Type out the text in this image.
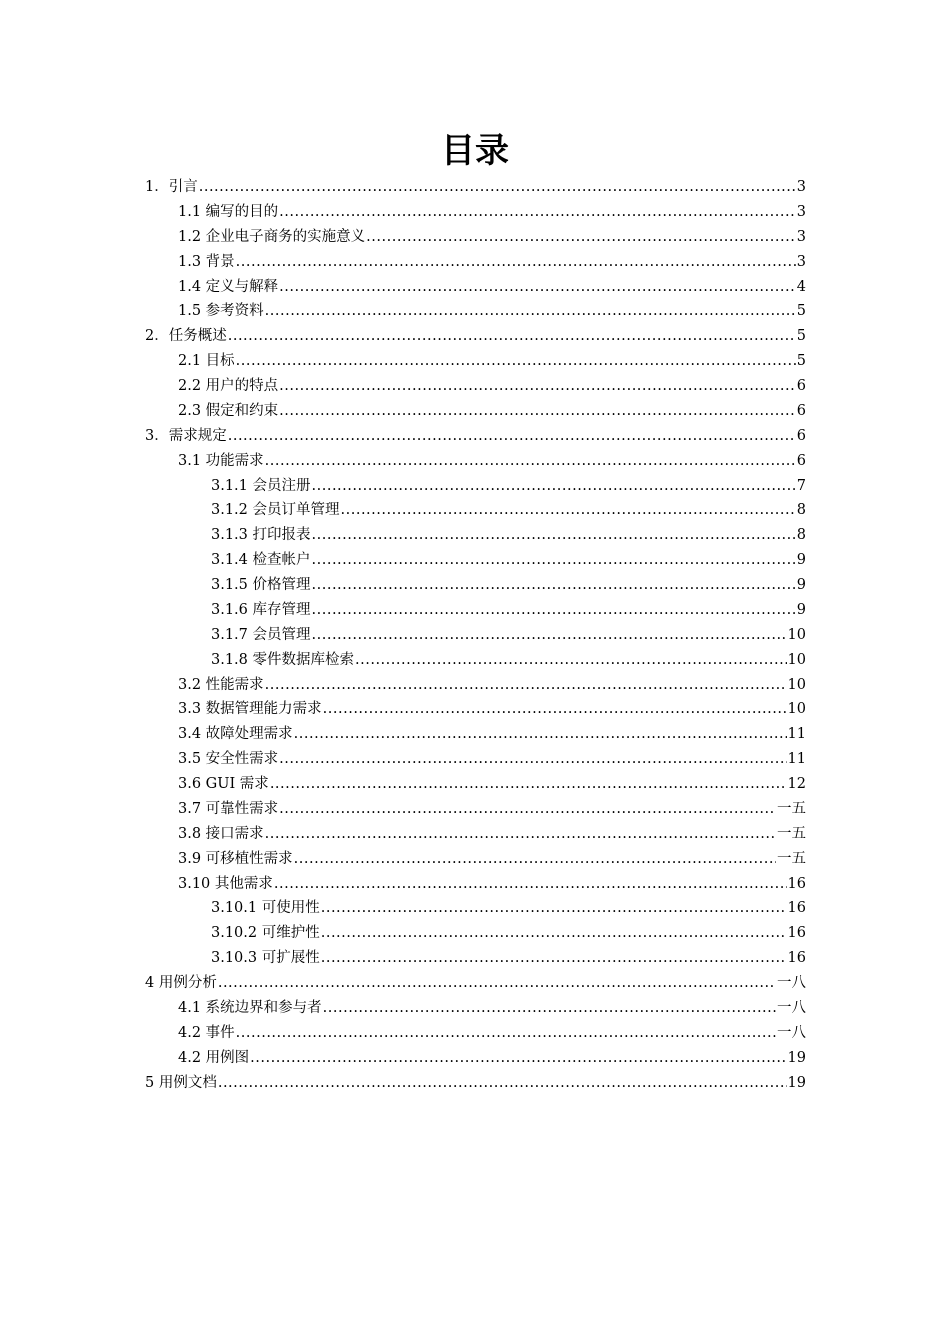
目录
1．引言 .....	3
1.1 编写的目的 .....	3
1.2 企业电子商务的实施意义 .....	3
1.3 背景 .....	3
1.4 定义与解释 .....	4
1.5 参考资料 .....	5
2．任务概述 .....	5
2.1 目标 .....	5
2.2 用户的特点 .....	6
2.3 假定和约束 .....	6
3．需求规定 .....	6
3.1 功能需求 .....	6
3.1.1 会员注册 .....	7
3.1.2 会员订单管理 .....	8
3.1.3 打印报表 .....	8
3.1.4 检查帐户 .....	9
3.1.5 价格管理 .....	9
3.1.6 库存管理 .....	9
3.1.7 会员管理 .....	10
3.1.8 零件数据库检索 .....	10
3.2 性能需求 .....	10
3.3 数据管理能力需求 .....	10
3.4 故障处理需求 .....	11
3.5 安全性需求 .....	11
3.6 GUI 需求 .....	12
3.7 可靠性需求 .....	一五
3.8 接口需求 .....	一五
3.9 可移植性需求 .....	一五
3.10 其他需求 .....	16
3.10.1 可使用性 .....	16
3.10.2 可维护性 .....	16
3.10.3 可扩展性 .....	16
4 用例分析 .....	一八
4.1 系统边界和参与者 .....	一八
4.2 事件 .....	一八
4.2 用例图 .....	19
5 用例文档 .....	19
